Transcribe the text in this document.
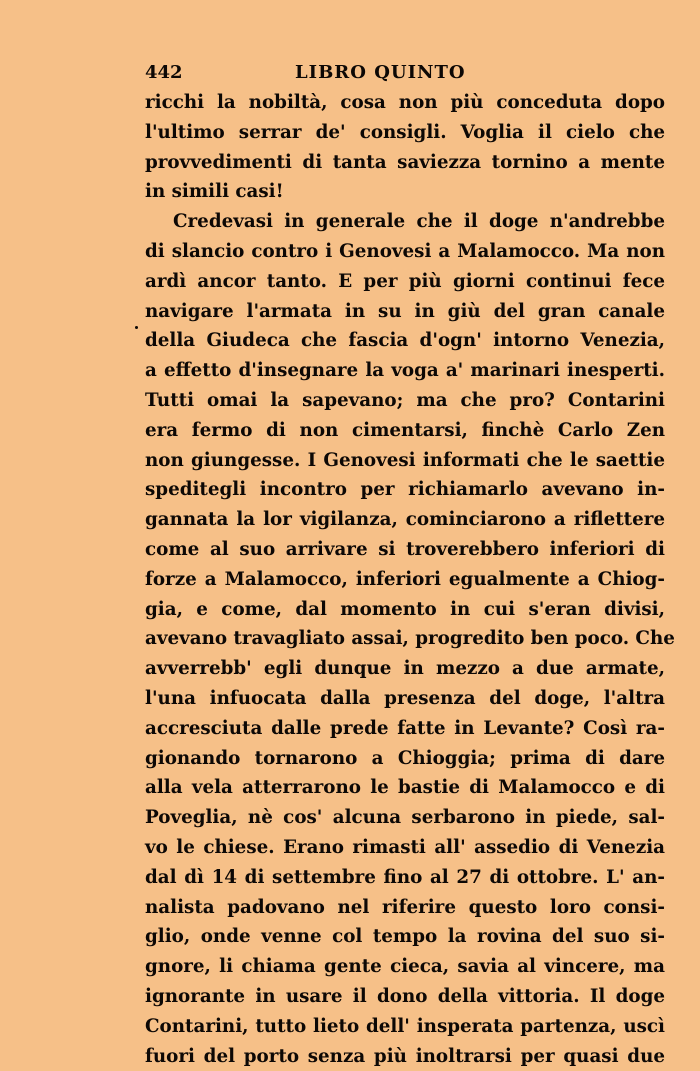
442	LIBRO QUINTO
ricchi la nobiltà, cosa non più conceduta dopo
l'ultimo serrar de' consigli. Voglia il cielo che
provvedimenti di tanta saviezza tornino a mente
in simili casi!
Credevasi in generale che il doge n'andrebbe
di slancio contro i Genovesi a Malamocco. Ma non
ardì ancor tanto. E per più giorni continui fece
navigare l'armata in su in giù del gran canale
della Giudeca che fascia d'ogn' intorno Venezia,
a effetto d'insegnare la voga a' marinari inesperti.
Tutti omai la sapevano; ma che pro? Contarini
era fermo di non cimentarsi, finchè Carlo Zen
non giungesse. I Genovesi informati che le saettie
speditegli incontro per richiamarlo avevano in-
gannata la lor vigilanza, cominciarono a riflettere
come al suo arrivare si troverebbero inferiori di
forze a Malamocco, inferiori egualmente a Chiog-
gia, e come, dal momento in cui s'eran divisi,
avevano travagliato assai, progredito ben poco. Che
avverrebb' egli dunque in mezzo a due armate,
l'una infuocata dalla presenza del doge, l'altra
accresciuta dalle prede fatte in Levante? Così ra-
gionando tornarono a Chioggia; prima di dare
alla vela atterrarono le bastie di Malamocco e di
Poveglia, nè cos' alcuna serbarono in piede, sal-
vo le chiese. Erano rimasti all' assedio di Venezia
dal dì 14 di settembre fino al 27 di ottobre. L' an-
nalista padovano nel riferire questo loro consi-
glio, onde venne col tempo la rovina del suo si-
gnore, li chiama gente cieca, savia al vincere, ma
ignorante in usare il dono della vittoria. Il doge
Contarini, tutto lieto dell' insperata partenza, uscì
fuori del porto senza più inoltrarsi per quasi due
